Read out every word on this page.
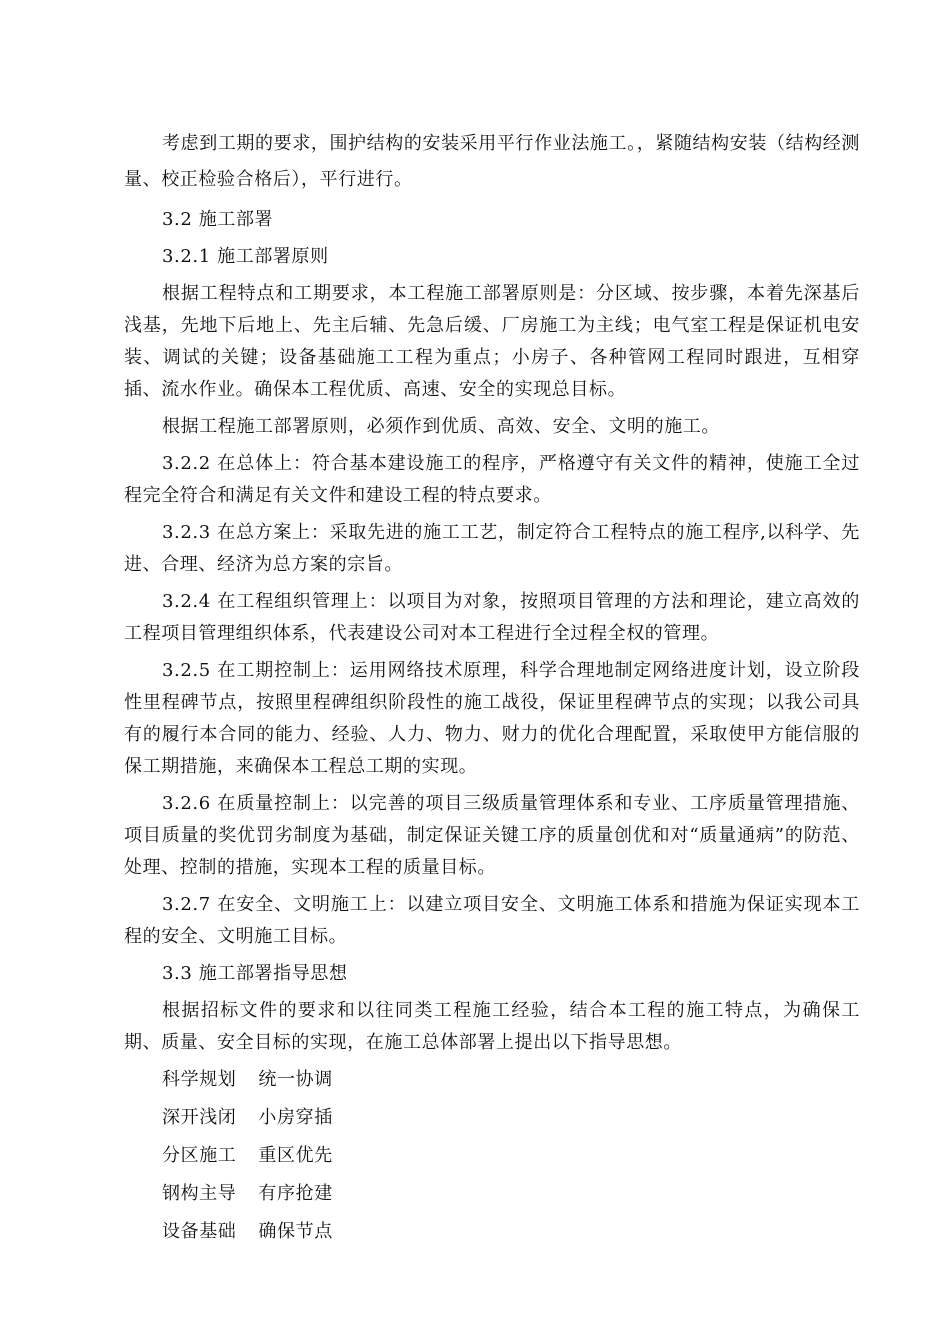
考虑到工期的要求，围护结构的安装采用平行作业法施工。，紧随结构安装（结构经测量、校正检验合格后），平行进行。

3.2 施工部署

3.2.1 施工部署原则

根据工程特点和工期要求，本工程施工部署原则是：分区域、按步骤，本着先深基后浅基，先地下后地上、先主后辅、先急后缓、厂房施工为主线；电气室工程是保证机电安装、调试的关键；设备基础施工工程为重点；小房子、各种管网工程同时跟进，互相穿插、流水作业。确保本工程优质、高速、安全的实现总目标。

根据工程施工部署原则，必须作到优质、高效、安全、文明的施工。

3.2.2 在总体上：符合基本建设施工的程序，严格遵守有关文件的精神，使施工全过程完全符合和满足有关文件和建设工程的特点要求。

3.2.3 在总方案上：采取先进的施工工艺，制定符合工程特点的施工程序,以科学、先进、合理、经济为总方案的宗旨。

3.2.4 在工程组织管理上：以项目为对象，按照项目管理的方法和理论，建立高效的工程项目管理组织体系，代表建设公司对本工程进行全过程全权的管理。

3.2.5 在工期控制上：运用网络技术原理，科学合理地制定网络进度计划，设立阶段性里程碑节点，按照里程碑组织阶段性的施工战役，保证里程碑节点的实现；以我公司具有的履行本合同的能力、经验、人力、物力、财力的优化合理配置，采取使甲方能信服的保工期措施，来确保本工程总工期的实现。

3.2.6 在质量控制上：以完善的项目三级质量管理体系和专业、工序质量管理措施、项目质量的奖优罚劣制度为基础，制定保证关键工序的质量创优和对“质量通病”的防范、处理、控制的措施，实现本工程的质量目标。

3.2.7 在安全、文明施工上：以建立项目安全、文明施工体系和措施为保证实现本工程的安全、文明施工目标。

3.3 施工部署指导思想

根据招标文件的要求和以往同类工程施工经验，结合本工程的施工特点，为确保工期、质量、安全目标的实现，在施工总体部署上提出以下指导思想。

科学规划 统一协调

深开浅闭 小房穿插

分区施工 重区优先

钢构主导 有序抢建

设备基础 确保节点
